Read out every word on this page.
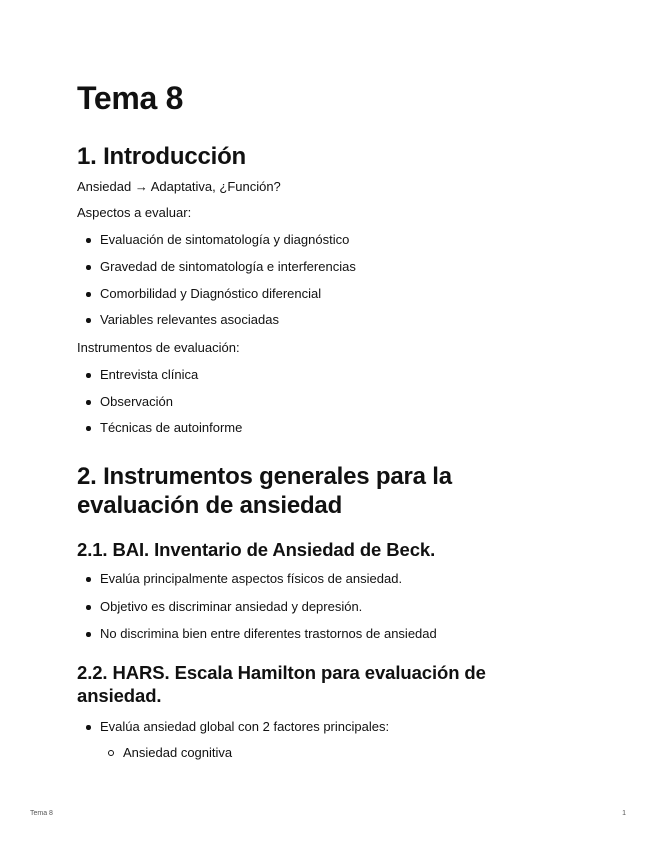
Tema 8
1. Introducción

Ansiedad → Adaptativa, ¿Función?

Aspectos a evaluar:

Evaluación de sintomatología y diagnóstico
Gravedad de sintomatología e interferencias
Comorbilidad y Diagnóstico diferencial
Variables relevantes asociadas

Instrumentos de evaluación:

Entrevista clínica
Observación
Técnicas de autoinforme
2. Instrumentos generales para la
evaluación de ansiedad
2.1. BAI. Inventario de Ansiedad de Beck.
Evalúa principalmente aspectos físicos de ansiedad.
Objetivo es discriminar ansiedad y depresión.
No discrimina bien entre diferentes trastornos de ansiedad
2.2. HARS. Escala Hamilton para evaluación de
ansiedad.
Evalúa ansiedad global con 2 factores principales:
Ansiedad cognitiva
Tema 8	1
